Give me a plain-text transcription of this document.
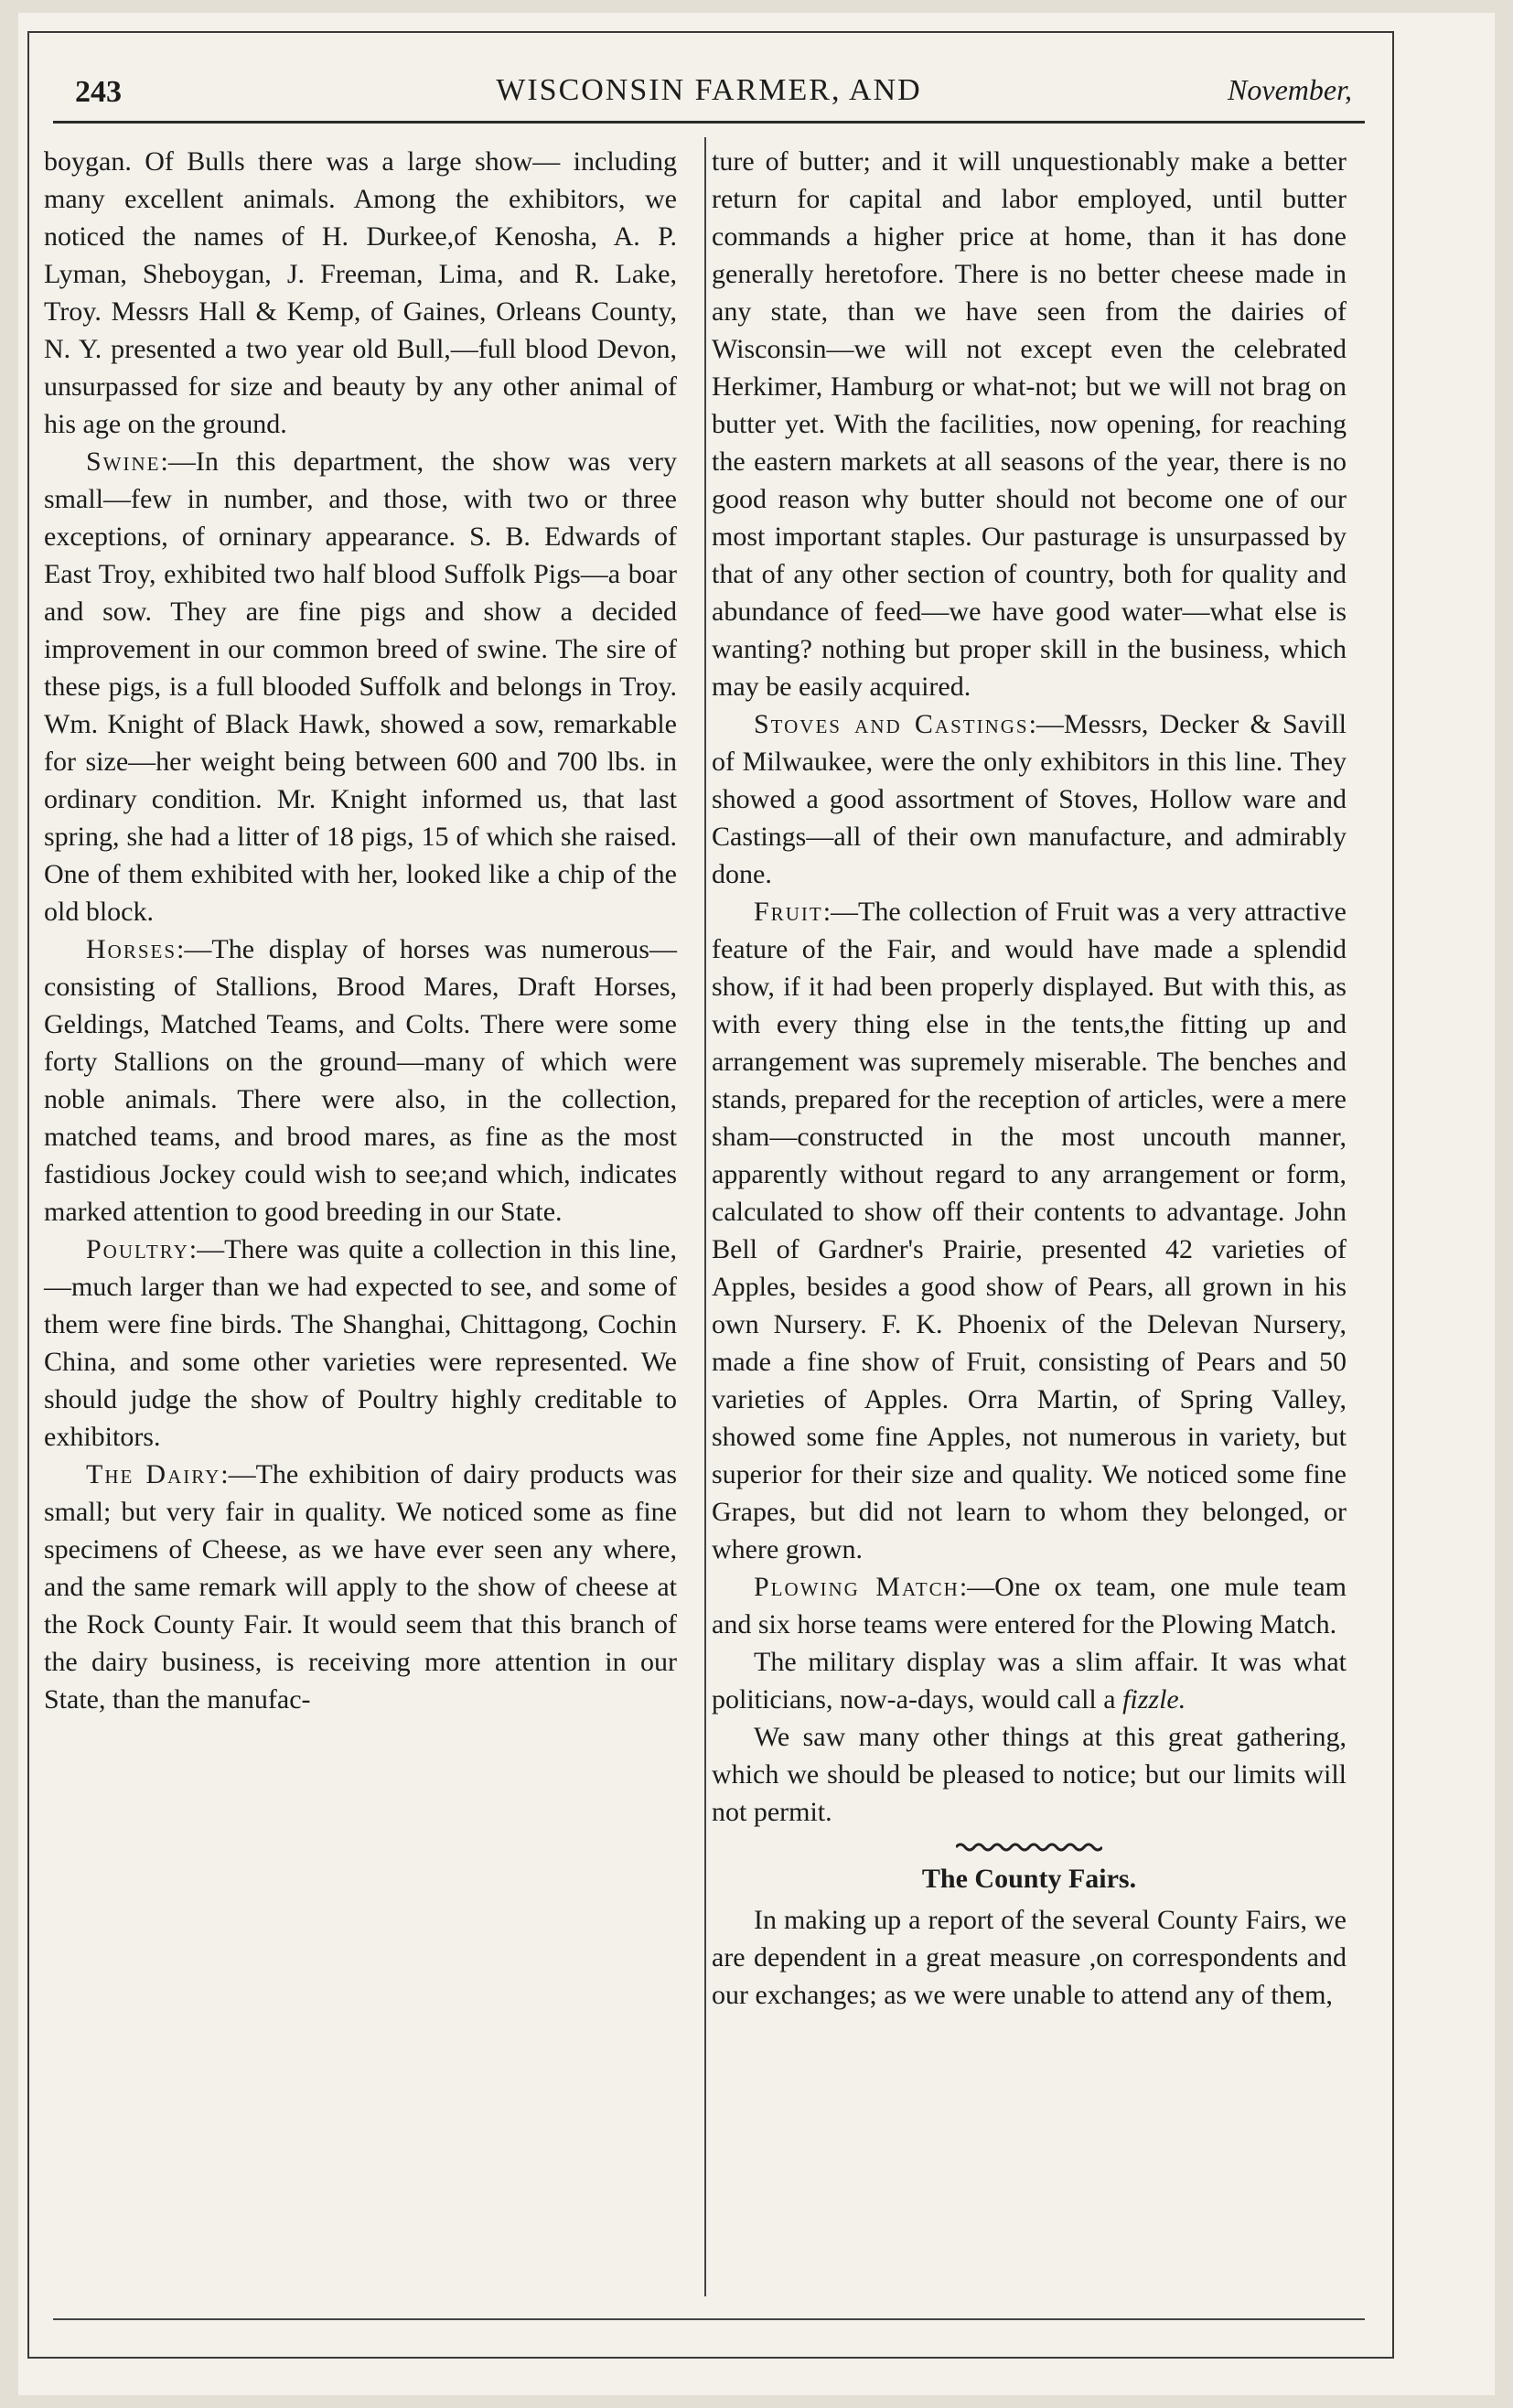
243	WISCONSIN FARMER, AND	November,

boygan. Of Bulls there was a large show— including many excellent animals. Among the exhibitors, we noticed the names of H. Durkee,of Kenosha, A. P. Lyman, Sheboygan, J. Freeman, Lima, and R. Lake, Troy. Messrs Hall & Kemp, of Gaines, Orleans County, N. Y. presented a two year old Bull,—full blood Devon, unsurpassed for size and beauty by any other animal of his age on the ground.

Swine:—In this department, the show was very small—few in number, and those, with two or three exceptions, of orninary appearance. S. B. Edwards of East Troy, exhibited two half blood Suffolk Pigs—a boar and sow. They are fine pigs and show a decided improvement in our common breed of swine. The sire of these pigs, is a full blooded Suffolk and belongs in Troy. Wm. Knight of Black Hawk, showed a sow, remarkable for size—her weight being between 600 and 700 lbs. in ordinary condition. Mr. Knight informed us, that last spring, she had a litter of 18 pigs, 15 of which she raised. One of them exhibited with her, looked like a chip of the old block.

Horses:—The display of horses was numerous—consisting of Stallions, Brood Mares, Draft Horses, Geldings, Matched Teams, and Colts. There were some forty Stallions on the ground—many of which were noble animals. There were also, in the collection, matched teams, and brood mares, as fine as the most fastidious Jockey could wish to see;and which, indicates marked attention to good breeding in our State.

Poultry:—There was quite a collection in this line,—much larger than we had expected to see, and some of them were fine birds. The Shanghai, Chittagong, Cochin China, and some other varieties were represented. We should judge the show of Poultry highly creditable to exhibitors.

The Dairy:—The exhibition of dairy products was small; but very fair in quality. We noticed some as fine specimens of Cheese, as we have ever seen any where, and the same remark will apply to the show of cheese at the Rock County Fair. It would seem that this branch of the dairy business, is receiving more attention in our State, than the manufac-

ture of butter; and it will unquestionably make a better return for capital and labor employed, until butter commands a higher price at home, than it has done generally heretofore. There is no better cheese made in any state, than we have seen from the dairies of Wisconsin—we will not except even the celebrated Herkimer, Hamburg or what-not; but we will not brag on butter yet. With the facilities, now opening, for reaching the eastern markets at all seasons of the year, there is no good reason why butter should not become one of our most important staples. Our pasturage is unsurpassed by that of any other section of country, both for quality and abundance of feed—we have good water—what else is wanting? nothing but proper skill in the business, which may be easily acquired.

Stoves and Castings:—Messrs, Decker & Savill of Milwaukee, were the only exhibitors in this line. They showed a good assortment of Stoves, Hollow ware and Castings—all of their own manufacture, and admirably done.

Fruit:—The collection of Fruit was a very attractive feature of the Fair, and would have made a splendid show, if it had been properly displayed. But with this, as with every thing else in the tents,the fitting up and arrangement was supremely miserable. The benches and stands, prepared for the reception of articles, were a mere sham—constructed in the most uncouth manner, apparently without regard to any arrangement or form, calculated to show off their contents to advantage. John Bell of Gardner's Prairie, presented 42 varieties of Apples, besides a good show of Pears, all grown in his own Nursery. F. K. Phoenix of the Delevan Nursery, made a fine show of Fruit, consisting of Pears and 50 varieties of Apples. Orra Martin, of Spring Valley, showed some fine Apples, not numerous in variety, but superior for their size and quality. We noticed some fine Grapes, but did not learn to whom they belonged, or where grown.

Plowing Match:—One ox team, one mule team and six horse teams were entered for the Plowing Match.

The military display was a slim affair. It was what politicians, now-a-days, would call a fizzle.

We saw many other things at this great gathering, which we should be pleased to notice; but our limits will not permit.

The County Fairs.

In making up a report of the several County Fairs, we are dependent in a great measure ,on correspondents and our exchanges; as we were unable to attend any of them,
